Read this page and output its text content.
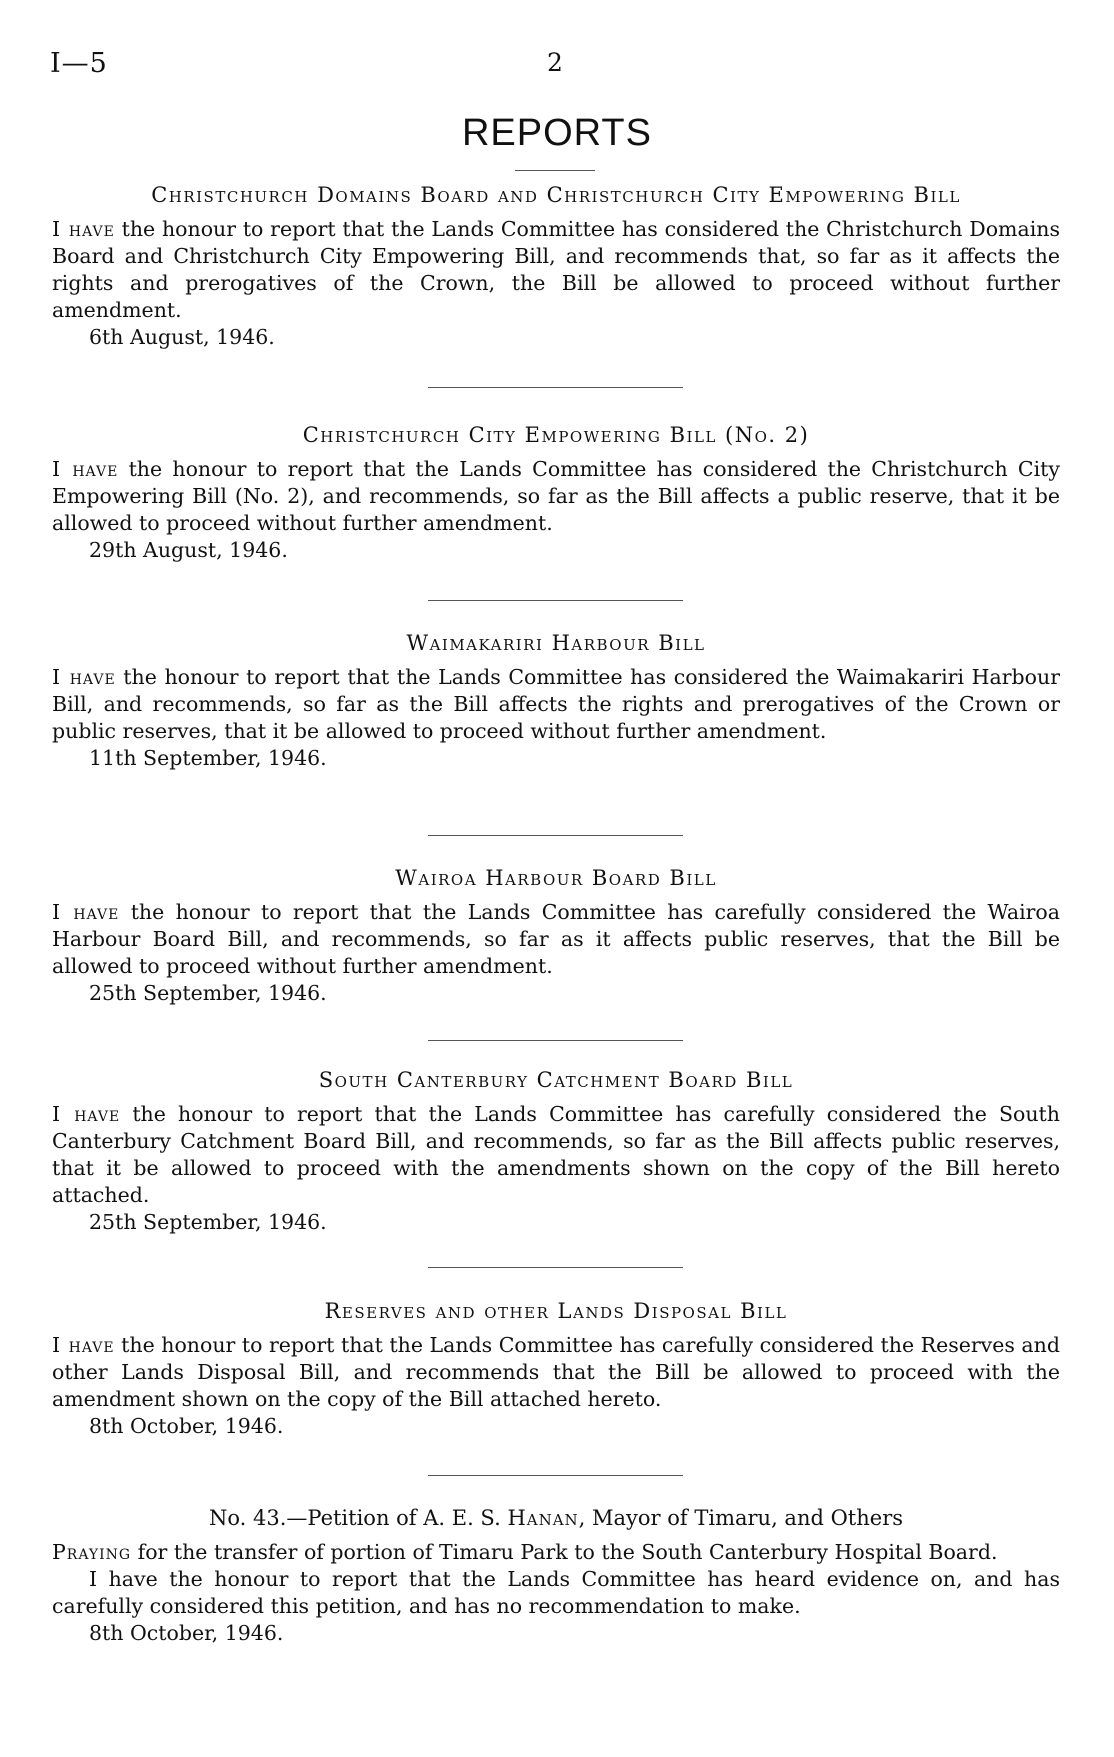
I—5	2
REPORTS
Christchurch Domains Board and Christchurch City Empowering Bill

I have the honour to report that the Lands Committee has considered the Christchurch Domains Board and Christchurch City Empowering Bill, and recommends that, so far as it affects the rights and prerogatives of the Crown, the Bill be allowed to proceed without further amendment.

6th August, 1946.

Christchurch City Empowering Bill (No. 2)

I have the honour to report that the Lands Committee has considered the Christchurch City Empowering Bill (No. 2), and recommends, so far as the Bill affects a public reserve, that it be allowed to proceed without further amendment.

29th August, 1946.

Waimakariri Harbour Bill

I have the honour to report that the Lands Committee has considered the Waimakariri Harbour Bill, and recommends, so far as the Bill affects the rights and prerogatives of the Crown or public reserves, that it be allowed to proceed without further amendment.

11th September, 1946.

Wairoa Harbour Board Bill

I have the honour to report that the Lands Committee has carefully considered the Wairoa Harbour Board Bill, and recommends, so far as it affects public reserves, that the Bill be allowed to proceed without further amendment.

25th September, 1946.

South Canterbury Catchment Board Bill

I have the honour to report that the Lands Committee has carefully considered the South Canterbury Catchment Board Bill, and recommends, so far as the Bill affects public reserves, that it be allowed to proceed with the amendments shown on the copy of the Bill hereto attached.

25th September, 1946.

Reserves and other Lands Disposal Bill

I have the honour to report that the Lands Committee has carefully considered the Reserves and other Lands Disposal Bill, and recommends that the Bill be allowed to proceed with the amendment shown on the copy of the Bill attached hereto.

8th October, 1946.

No. 43.—Petition of A. E. S. Hanan, Mayor of Timaru, and Others

Praying for the transfer of portion of Timaru Park to the South Canterbury Hospital Board.

I have the honour to report that the Lands Committee has heard evidence on, and has carefully considered this petition, and has no recommendation to make.

8th October, 1946.
